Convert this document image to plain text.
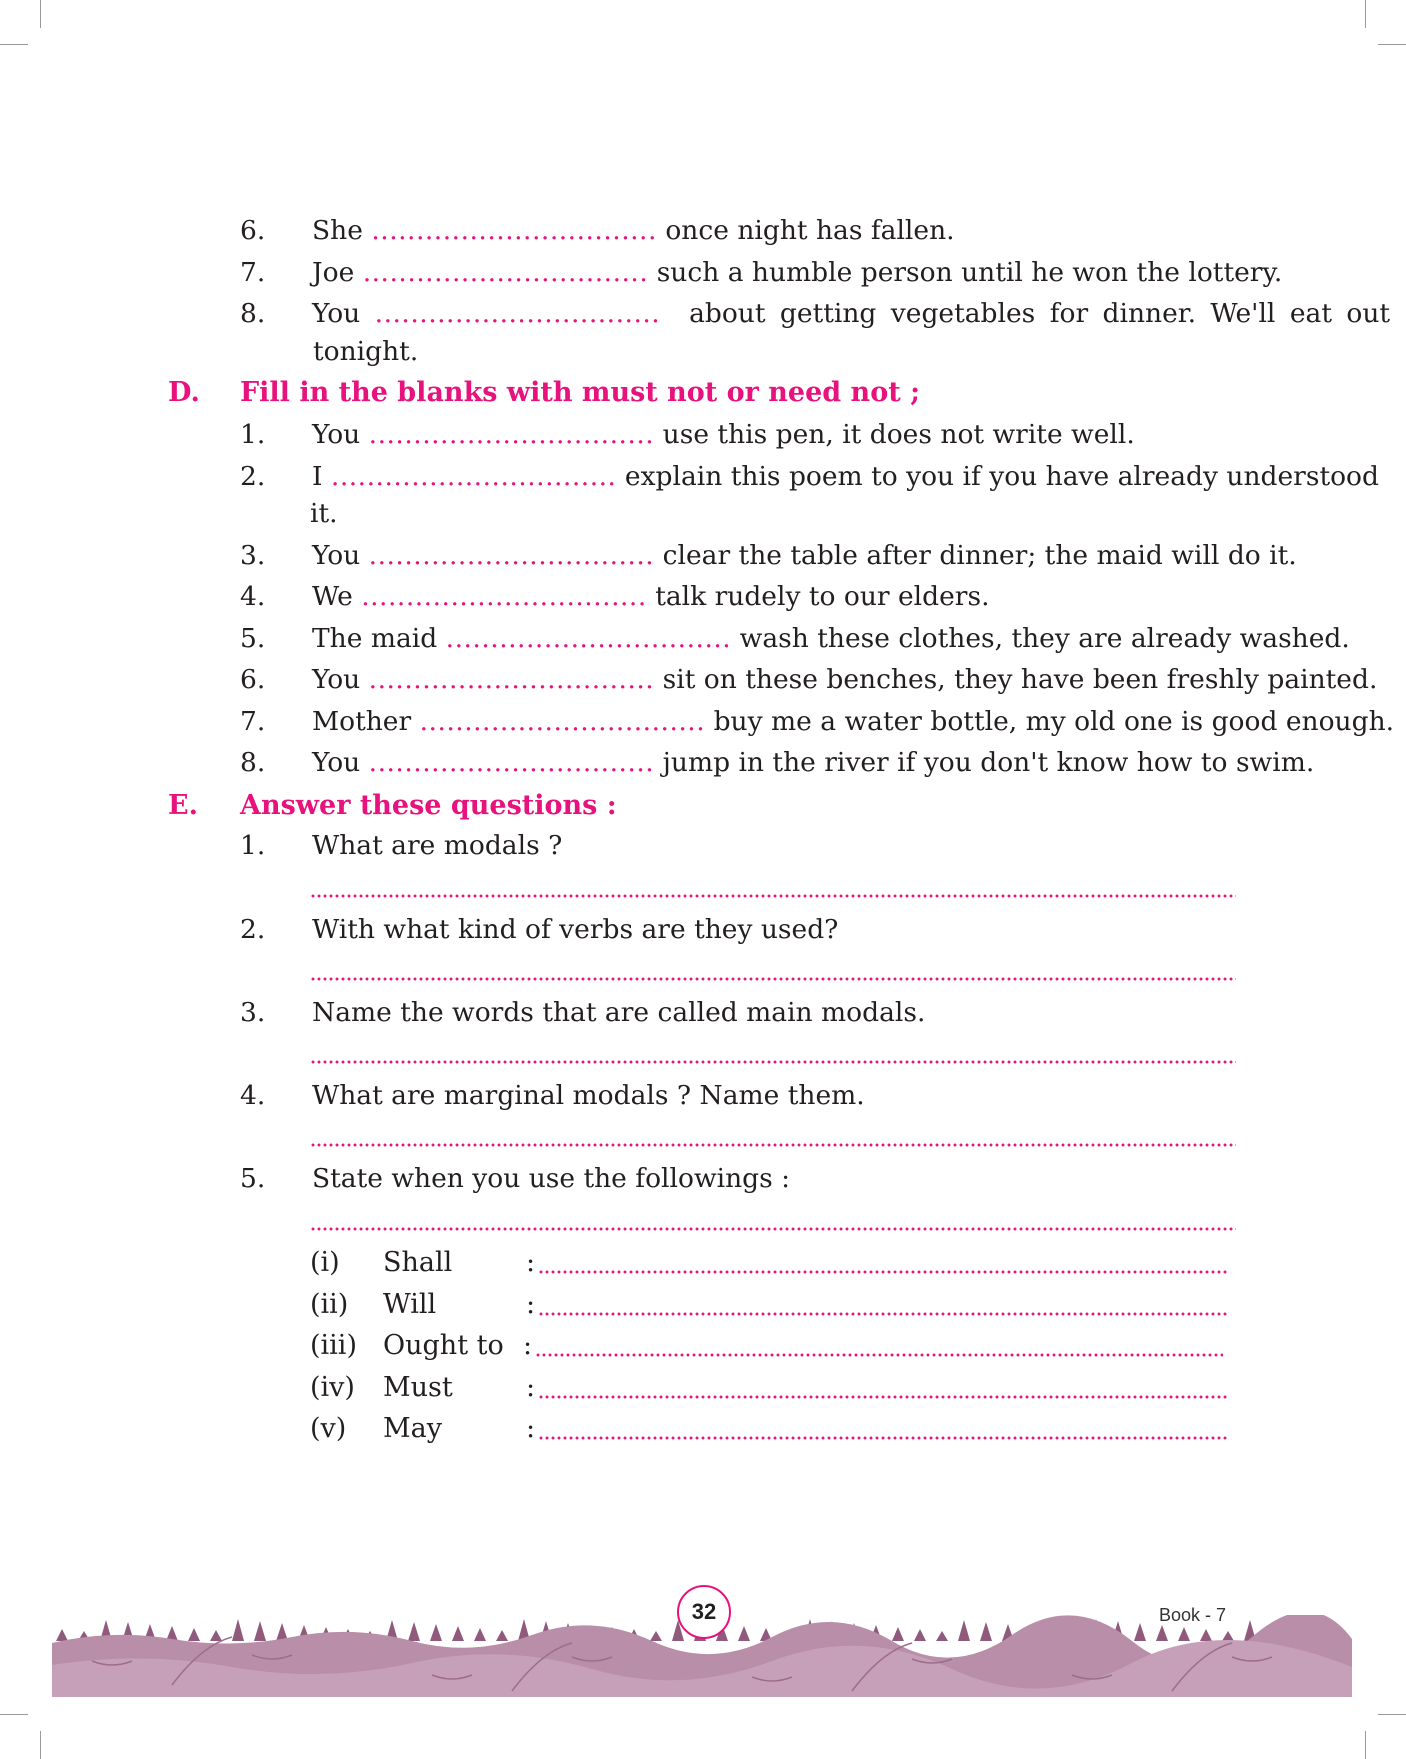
6. She ................................ once night has fallen.
7. Joe ................................ such a humble person until he won the lottery.
8. You ................................ about getting vegetables for dinner. We'll eat out
tonight.
D. Fill in the blanks with must not or need not ;
1. You ................................ use this pen, it does not write well.
2. I ................................ explain this poem to you if you have already understood
it.
3. You ................................ clear the table after dinner; the maid will do it.
4. We ................................ talk rudely to our elders.
5. The maid ................................ wash these clothes, they are already washed.
6. You ................................ sit on these benches, they have been freshly painted.
7. Mother ................................ buy me a water bottle, my old one is good enough.
8. You ................................ jump in the river if you don't know how to swim.
E. Answer these questions :
1. What are modals ?
2. With what kind of verbs are they used?
3. Name the words that are called main modals.
4. What are marginal modals ? Name them.
5. State when you use the followings :
(i) Shall	:
(ii) Will	:
(iii) Ought to :
(iv) Must	:
(v) May	:
32	Book - 7
